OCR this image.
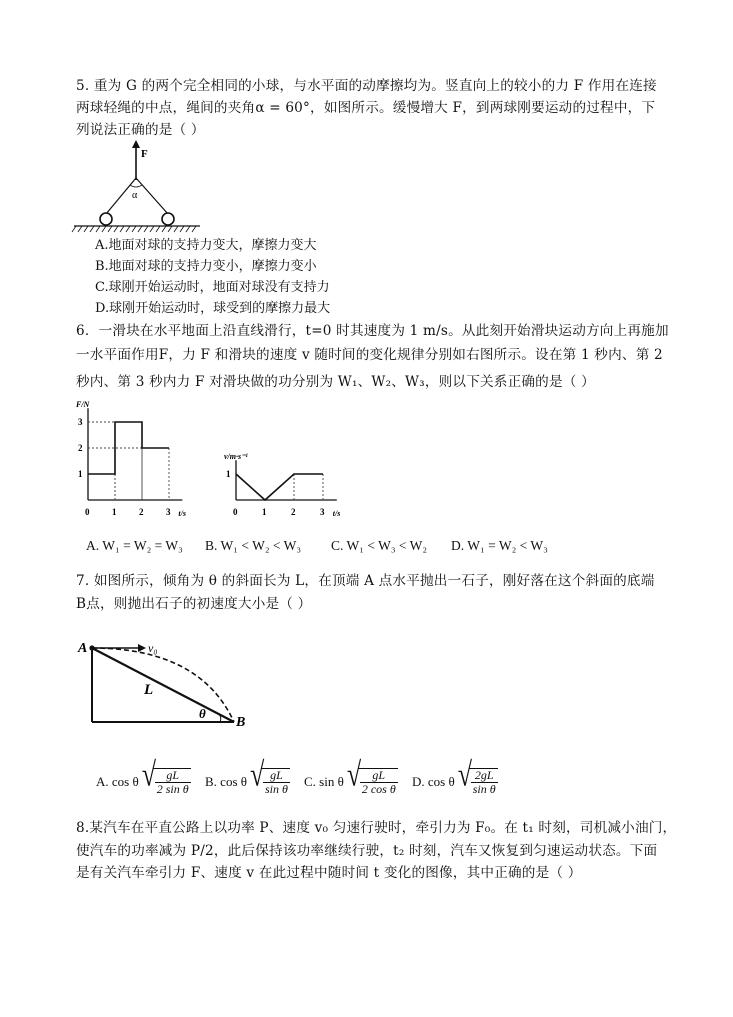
5. 重为 G 的两个完全相同的小球，与水平面的动摩擦均为。竖直向上的较小的力 F 作用在连接
两球轻绳的中点，绳间的夹角α = 60°，如图所示。缓慢增大 F，到两球刚要运动的过程中，下
列说法正确的是（ ）
F
α
A.地面对球的支持力变大，摩擦力变大
B.地面对球的支持力变小，摩擦力变小
C.球刚开始运动时，地面对球没有支持力
D.球刚开始运动时，球受到的摩擦力最大
6．一滑块在水平地面上沿直线滑行，t=0 时其速度为 1 m/s。从此刻开始滑块运动方向上再施加
一水平面作用F，力 F 和滑块的速度 v 随时间的变化规律分别如右图所示。设在第 1 秒内、第 2
秒内、第 3 秒内力 F 对滑块做的功分别为 W₁、W₂、W₃，则以下关系正确的是（ ）
F/N
t/s
0	1	2	3
1
2
3
v/m·s⁻¹
t/s
0	1	2	3
1
A. W₁ = W₂ = W₃ B. W₁ < W₂ < W₃ C. W₁ < W₃ < W₂ D. W₁ = W₂ < W₃
7. 如图所示，倾角为 θ 的斜面长为 L，在顶端 A 点水平抛出一石子，刚好落在这个斜面的底端
B点，则抛出石子的初速度大小是（ ）
A
B
v₀
L
θ
A.
cos θ √ $\frac{gL}{\text{2 sin θ}} B$.
cos θ √ $\frac{gL}{\text{sin θ}} C$.
sin θ √ $\frac{gL}{\text{2 cos θ}} D$.
cos θ √ $\frac{2gL}{\text{sin θ}}$
8.某汽车在平直公路上以功率 P、速度 v₀ 匀速行驶时，牵引力为 F₀。在 t₁ 时刻，司机减小油门，
使汽车的功率减为 P/2，此后保持该功率继续行驶，t₂ 时刻，汽车又恢复到匀速运动状态。下面
是有关汽车牵引力 F、速度 v 在此过程中随时间 t 变化的图像，其中正确的是（ ）
